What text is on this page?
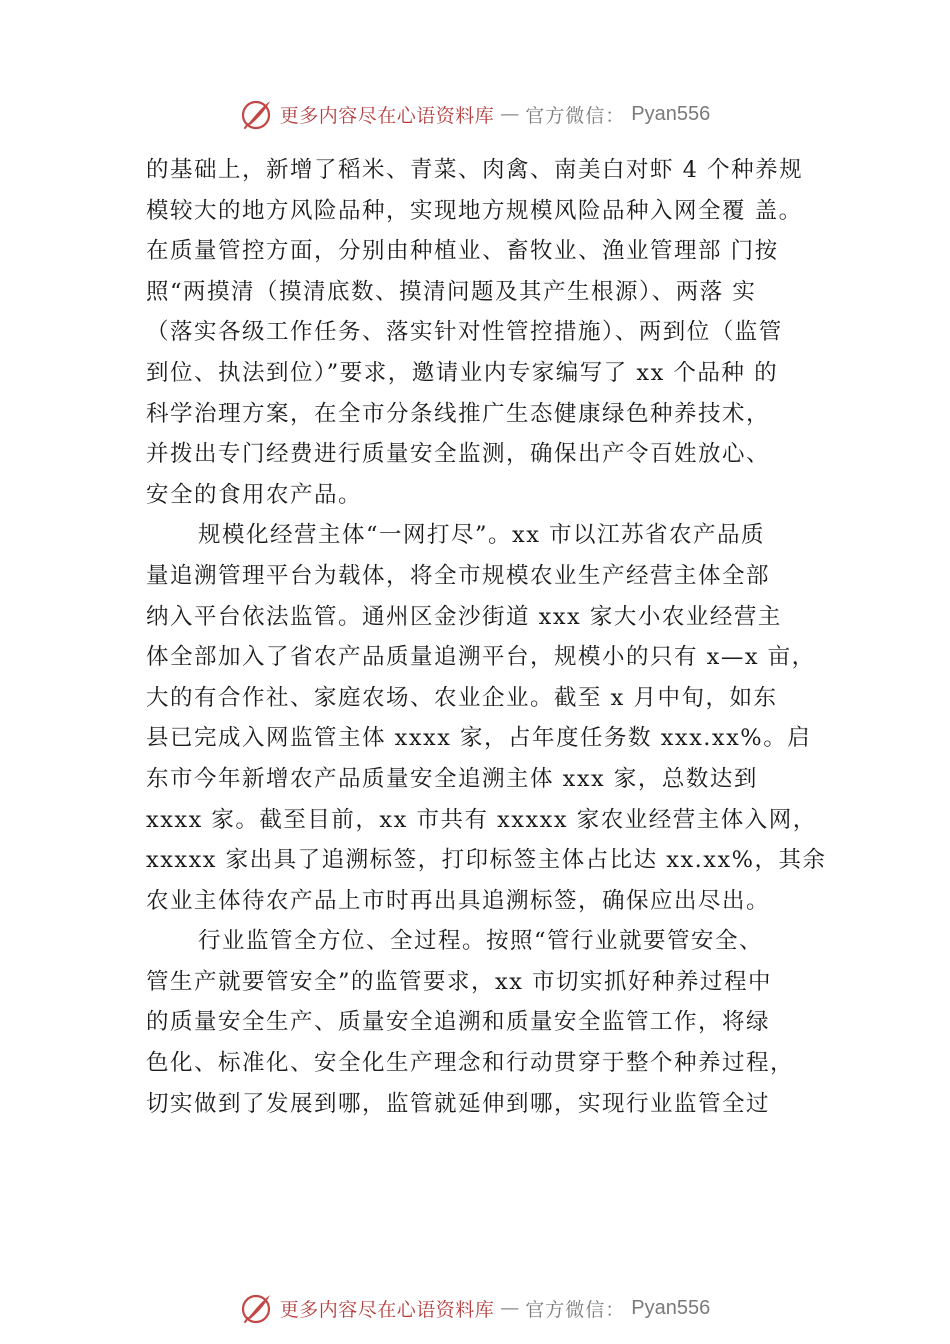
更多内容尽在心语资料库 — 官方微信： Pyan556
的基础上，新增了稻米、青菜、肉禽、南美白对虾 4 个种养规
模较大的地方风险品种，实现地方规模风险品种入网全覆 盖。
在质量管控方面，分别由种植业、畜牧业、渔业管理部 门按
照“两摸清（摸清底数、摸清问题及其产生根源）、两落 实
（落实各级工作任务、落实针对性管控措施）、两到位（监管
到位、执法到位）”要求，邀请业内专家编写了 xx 个品种 的
科学治理方案，在全市分条线推广生态健康绿色种养技术，
并拨出专门经费进行质量安全监测，确保出产令百姓放心、
安全的食用农产品。
规模化经营主体“一网打尽”。xx 市以江苏省农产品质
量追溯管理平台为载体，将全市规模农业生产经营主体全部
纳入平台依法监管。通州区金沙街道 xxx 家大小农业经营主
体全部加入了省农产品质量追溯平台，规模小的只有 x—x 亩，
大的有合作社、家庭农场、农业企业。截至 x 月中旬，如东
县已完成入网监管主体 xxxx 家，占年度任务数 xxx.xx%。启
东市今年新增农产品质量安全追溯主体 xxx 家，总数达到
xxxx 家。截至目前，xx 市共有 xxxxx 家农业经营主体入网，
xxxxx 家出具了追溯标签，打印标签主体占比达 xx.xx%，其余
农业主体待农产品上市时再出具追溯标签，确保应出尽出。
行业监管全方位、全过程。按照“管行业就要管安全、
管生产就要管安全”的监管要求，xx 市切实抓好种养过程中
的质量安全生产、质量安全追溯和质量安全监管工作，将绿
色化、标准化、安全化生产理念和行动贯穿于整个种养过程，
切实做到了发展到哪，监管就延伸到哪，实现行业监管全过
更多内容尽在心语资料库 — 官方微信： Pyan556
